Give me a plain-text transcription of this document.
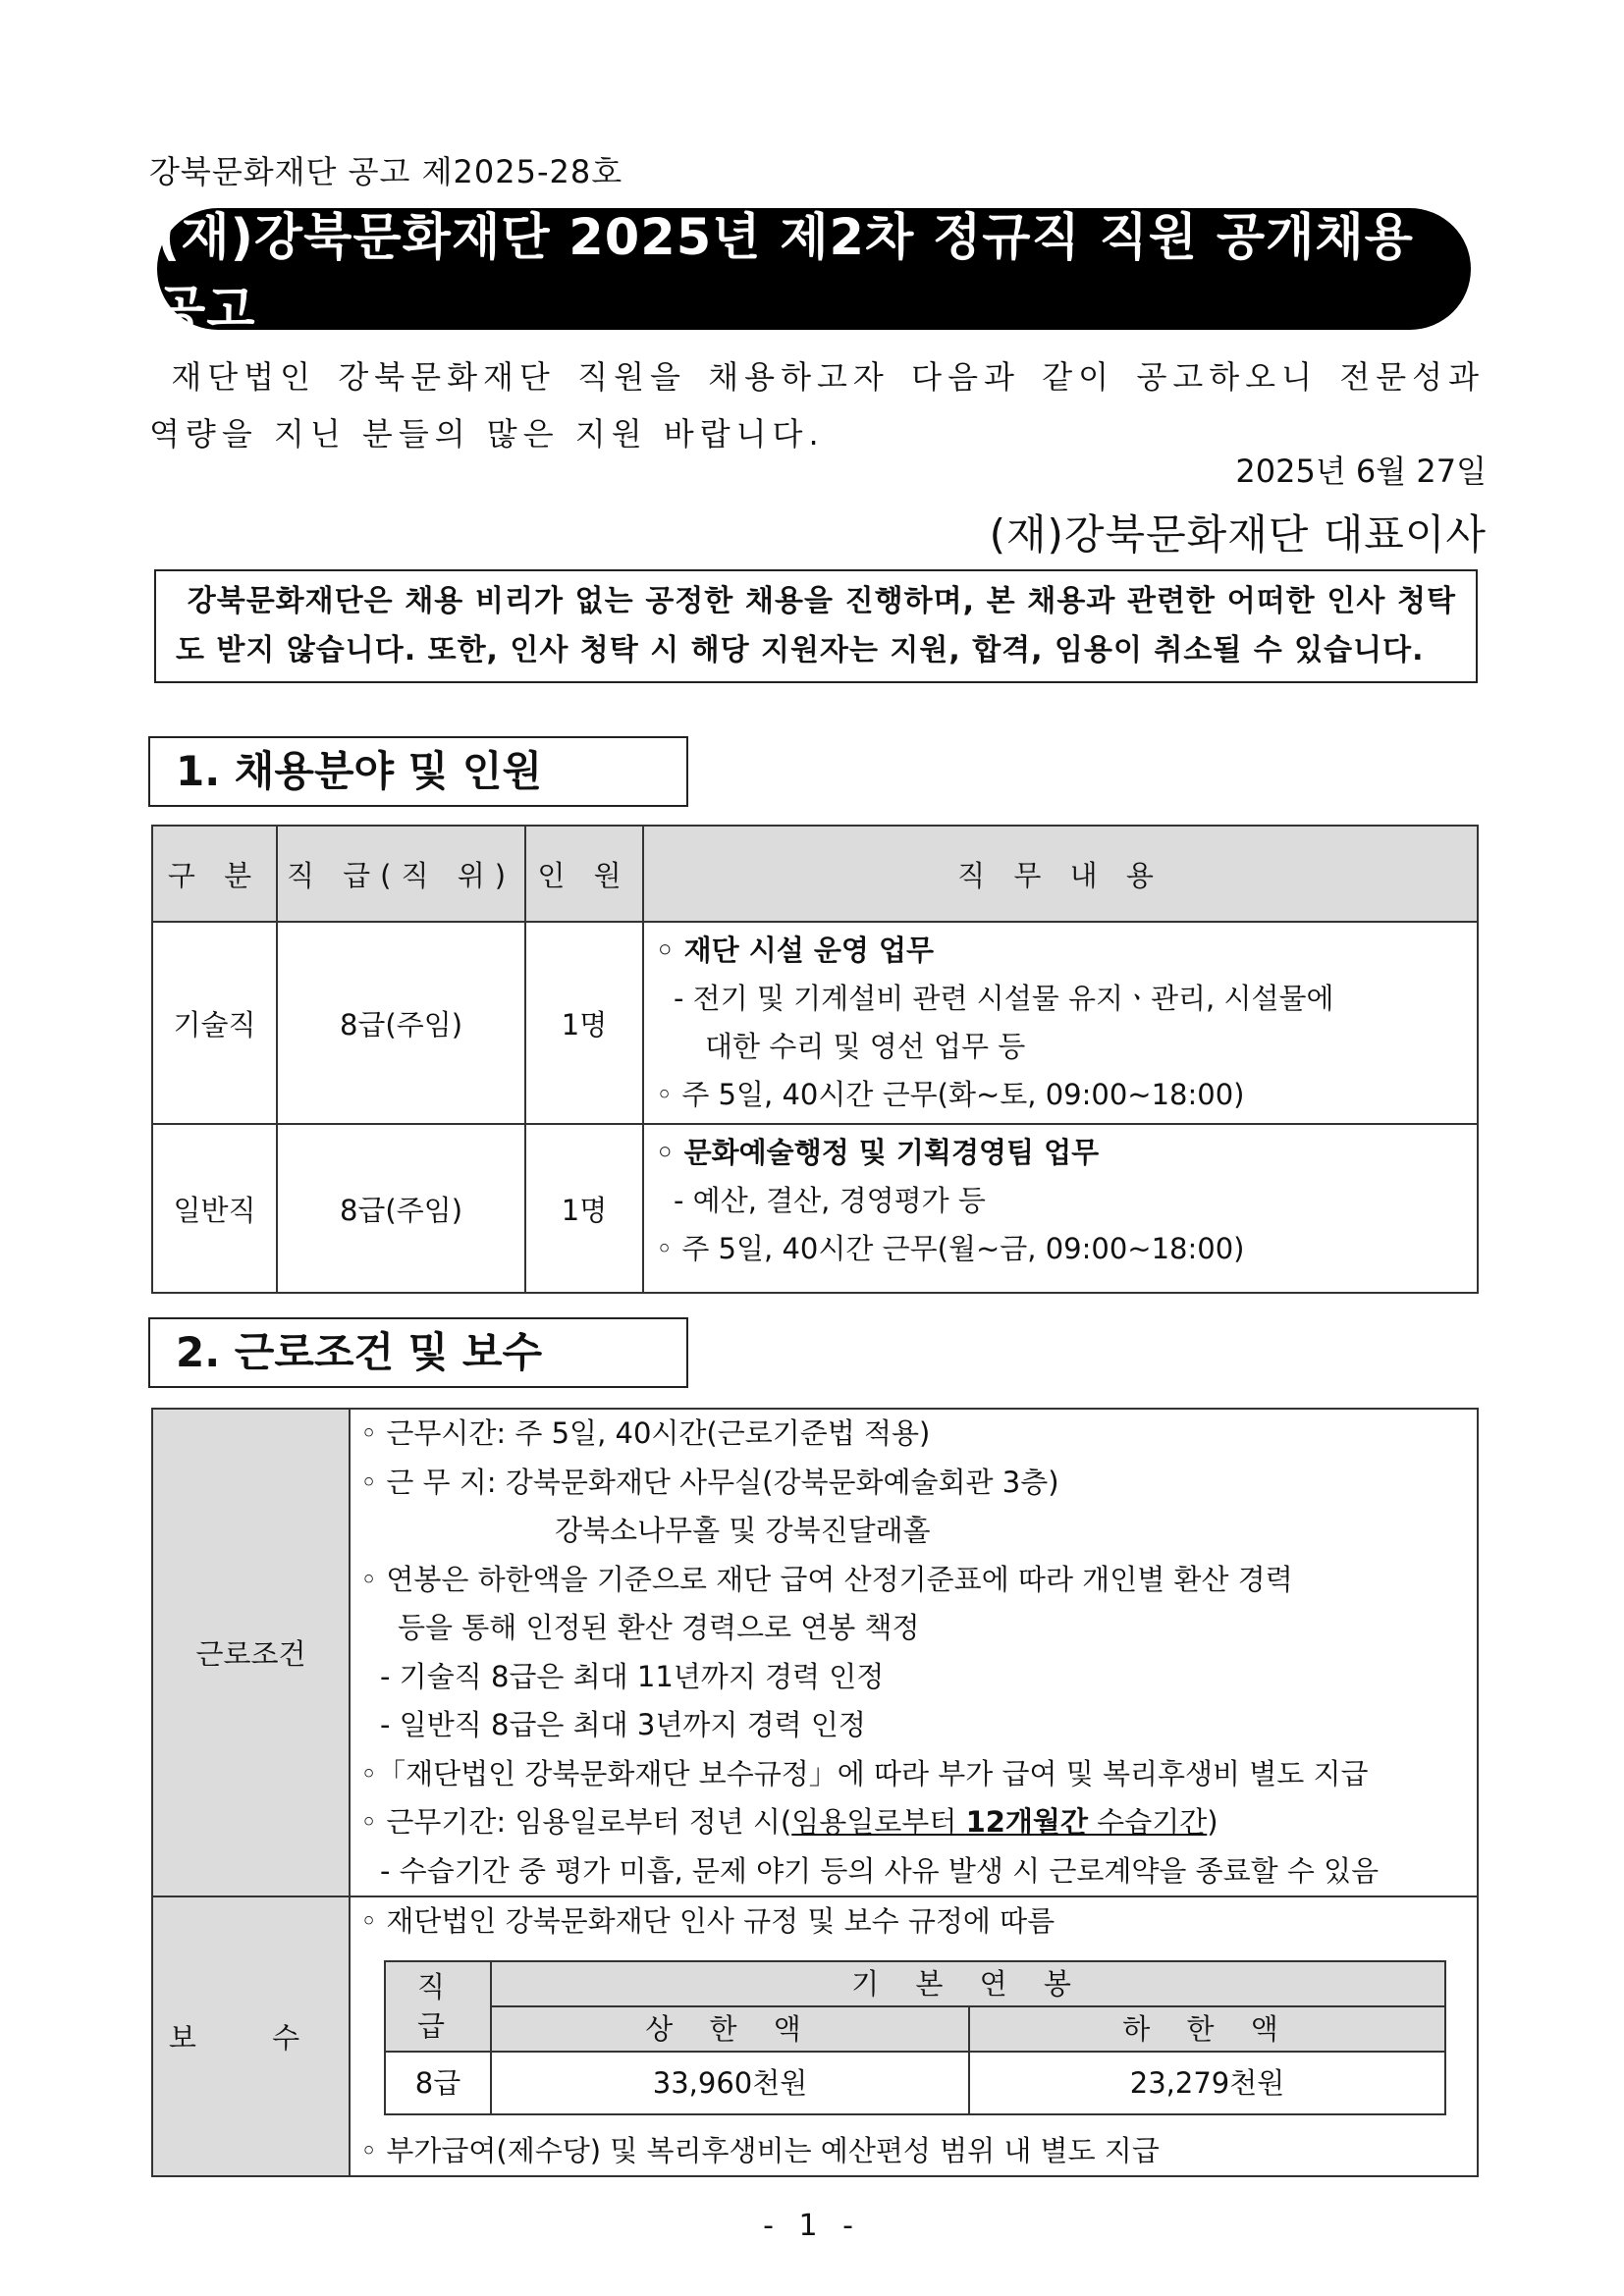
강북문화재단 공고 제2025-28호
(재)강북문화재단 2025년 제2차 정규직 직원 공개채용 공고
재단법인 강북문화재단 직원을 채용하고자 다음과 같이 공고하오니 전문성과 역량을 지닌 분들의 많은 지원 바랍니다.
2025년 6월 27일
(재)강북문화재단 대표이사
강북문화재단은 채용 비리가 없는 공정한 채용을 진행하며, 본 채용과 관련한 어떠한 인사 청탁도 받지 않습니다. 또한, 인사 청탁 시 해당 지원자는 지원, 합격, 임용이 취소될 수 있습니다.
1. 채용분야 및 인원
구 분	직 급(직 위)	인 원	직 무 내 용
기술직	8급(주임)	1명	◦ 재단 시설 운영 업무
- 전기 및 기계설비 관련 시설물 유지ㆍ관리, 시설물에
대한 수리 및 영선 업무 등
◦ 주 5일, 40시간 근무(화~토, 09:00~18:00)

일반직	8급(주임)	1명	◦ 문화예술행정 및 기획경영팀 업무
- 예산, 결산, 경영평가 등
◦ 주 5일, 40시간 근무(월~금, 09:00~18:00)
2. 근로조건 및 보수
근로조건	
◦ 근무시간: 주 5일, 40시간(근로기준법 적용)
◦ 근 무 지: 강북문화재단 사무실(강북문화예술회관 3층)
강북소나무홀 및 강북진달래홀
◦ 연봉은 하한액을 기준으로 재단 급여 산정기준표에 따라 개인별 환산 경력
등을 통해 인정된 환산 경력으로 연봉 책정
- 기술직 8급은 최대 11년까지 경력 인정
- 일반직 8급은 최대 3년까지 경력 인정
◦「재단법인 강북문화재단 보수규정」에 따라 부가 급여 및 복리후생비 별도 지급
◦ 근무기간: 임용일로부터 정년 시(임용일로부터 12개월간 수습기간)
- 수습기간 중 평가 미흡, 문제 야기 등의 사유 발생 시 근로계약을 종료할 수 있음

보 수	
◦ 재단법인 강북문화재단 인사 규정 및 보수 규정에 따름
직 급	기 본 연 봉
상 한 액	하 한 액
8급	33,960천원	23,279천원
◦ 부가급여(제수당) 및 복리후생비는 예산편성 범위 내 별도 지급
- 1 -
